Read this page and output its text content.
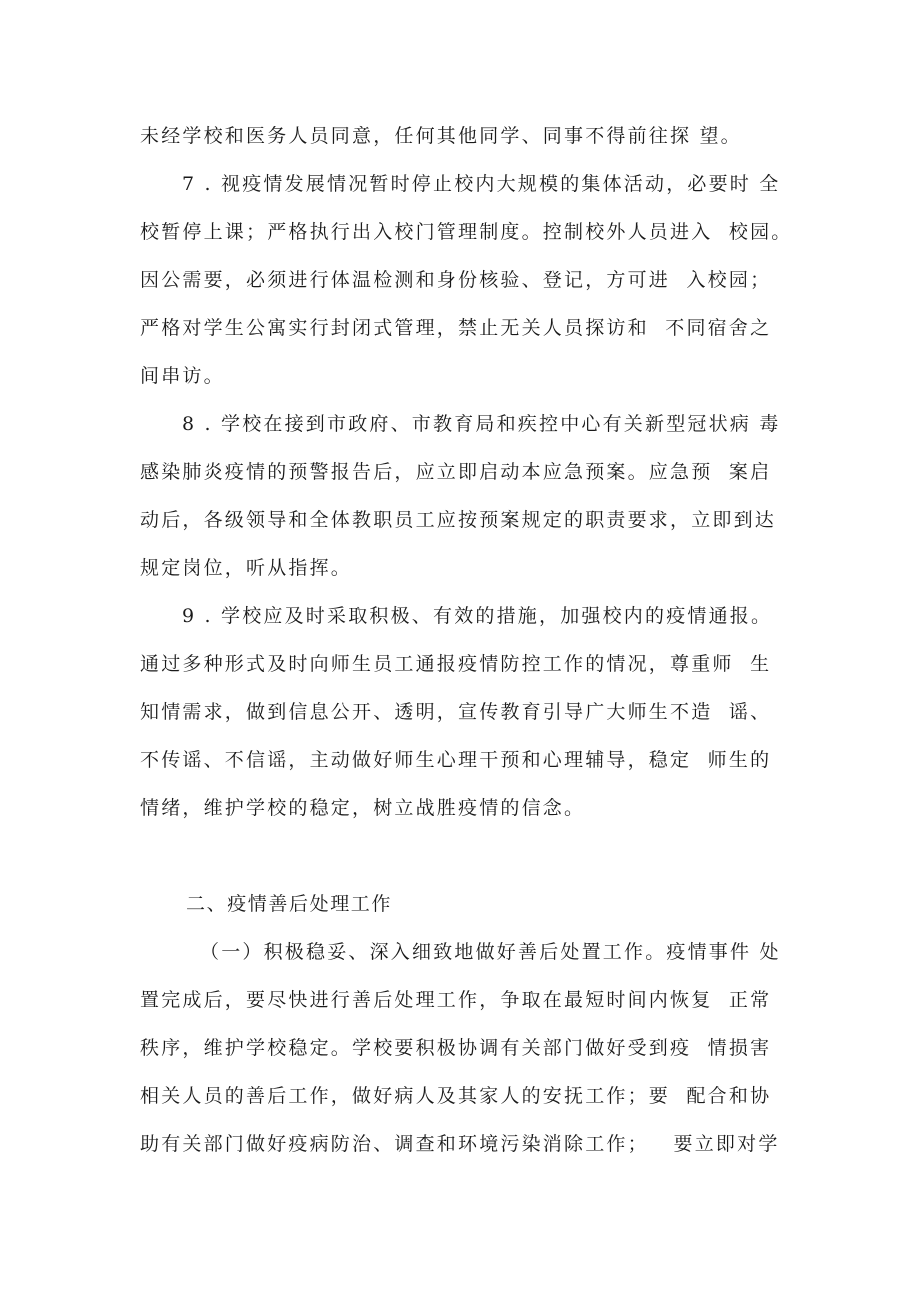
未经学校和医务人员同意，任何其他同学、同事不得前往探 望。
7 . 视疫情发展情况暂时停止校内大规模的集体活动，必要时 全
校暂停上课；严格执行出入校门管理制度。控制校外人员进入  校园。
因公需要，必须进行体温检测和身份核验、登记，方可进  入校园；
严格对学生公寓实行封闭式管理，禁止无关人员探访和  不同宿舍之
间串访。
8 . 学校在接到市政府、市教育局和疾控中心有关新型冠状病 毒
感染肺炎疫情的预警报告后，应立即启动本应急预案。应急预  案启
动后，各级领导和全体教职员工应按预案规定的职责要求，立即到达
规定岗位，听从指挥。
9 . 学校应及时采取积极、有效的措施，加强校内的疫情通报。
通过多种形式及时向师生员工通报疫情防控工作的情况，尊重师  生
知情需求，做到信息公开、透明，宣传教育引导广大师生不造  谣、
不传谣、不信谣，主动做好师生心理干预和心理辅导，稳定  师生的
情绪，维护学校的稳定，树立战胜疫情的信念。
二、疫情善后处理工作
（一）积极稳妥、深入细致地做好善后处置工作。疫情事件 处
置完成后，要尽快进行善后处理工作，争取在最短时间内恢复  正常
秩序，维护学校稳定。学校要积极协调有关部门做好受到疫  情损害
相关人员的善后工作，做好病人及其家人的安抚工作；要  配合和协
助有关部门做好疫病防治、调查和环境污染消除工作；   要立即对学
